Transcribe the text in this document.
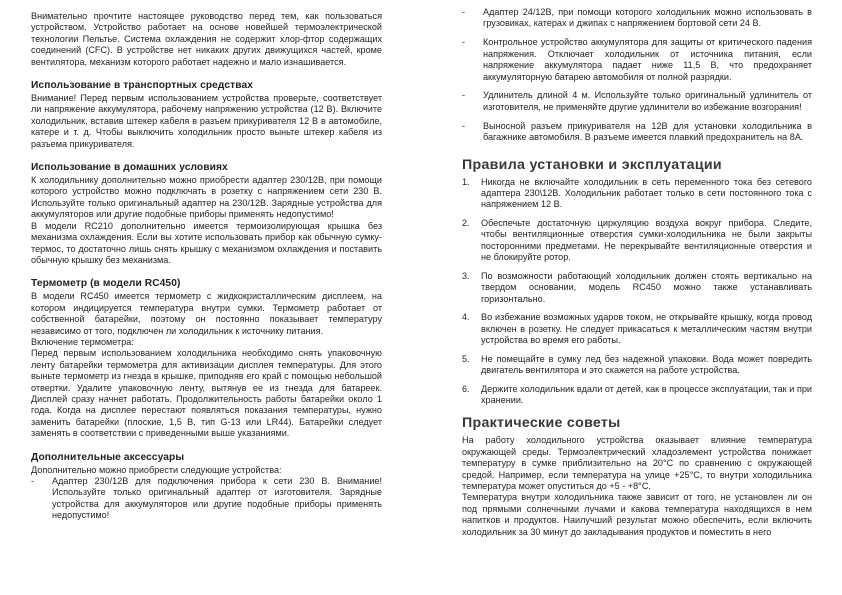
Внимательно прочтите настоящее руководство перед тем, как пользоваться устройством. Устройство работает на основе новейшей термоэлектрической технологии Пельтье. Система охлаждения не содержит хлор-фтор содержащих соединений (CFC). В устройстве нет никаких других движущихся частей, кроме вентилятора, механизм которого работает надежно и мало изнашивается.

Использование в транспортных средствах

Внимание! Перед первым использованием устройства проверьте, соответствует ли напряжение аккумулятора, рабочему напряжению устройства (12 В). Включите холодильник, вставив штекер кабеля в разъем прикуривателя 12 В в автомобиле, катере и т. д. Чтобы выключить холодильник просто выньте штекер кабеля из разъема прикуривателя.

Использование в домашних условиях

К холодильнику дополнительно можно приобрести адаптер 230/12В, при помощи которого устройство можно подключать в розетку с напряжением сети 230 В. Используйте только оригинальный адаптер на 230/12В. Зарядные устройства для аккумуляторов или другие подобные приборы применять недопустимо!

В модели RC210 дополнительно имеется термоизолирующая крышка без механизма охлаждения. Если вы хотите использовать прибор как обычную сумку-термос, то достаточно лишь снять крышку с механизмом охлаждения и поставить обычную крышку без механизма.

Термометр (в модели RC450)

В модели RC450 имеется термометр с жидкокристаллическим дисплеем, на котором индицируется температура внутри сумки. Термометр работает от собственной батарейки, поэтому он постоянно показывает температуру независимо от того, подключен ли холодильник к источнику питания.

Включение термометра:

Перед первым использованием холодильника необходимо снять упаковочную ленту батарейки термометра для активизации дисплея температуры. Для этого выньте термометр из гнезда в крышке, приподняв его край с помощью небольшой отвертки. Удалите упаковочную ленту, вытянув ее из гнезда для батареек. Дисплей сразу начнет работать. Продолжительность работы батарейки около 1 года. Когда на дисплее перестают появляться показания температуры, нужно заменить батарейки (плоские, 1,5 В, тип G-13 или LR44). Батарейки следует заменять в соответствии с приведенными выше указаниями.

Дополнительные аксессуары

Дополнительно можно приобрести следующие устройства:

- Адаптер 230/12В для подключения прибора к сети 230 В. Внимание! Используйте только оригинальный адаптер от изготовителя. Зарядные устройства для аккумуляторов или другие подобные приборы применять недопустимо!

- Адаптер 24/12В, при помощи которого холодильник можно использовать в грузовиках, катерах и джипах с напряжением бортовой сети 24 В.

- Контрольное устройство аккумулятора для защиты от критического падения напряжения. Отключает холодильник от источника питания, если напряжение аккумулятора падает ниже 11,5 В, что предохраняет аккумуляторную батарею автомобиля от полной разрядки.

- Удлинитель длиной 4 м. Используйте только оригинальный удлинитель от изготовителя, не применяйте другие удлинители во избежание возгорания!

- Выносной разъем прикуривателя на 12В для установки холодильника в багажнике автомобиля. В разъеме имеется плавкий предохранитель на 8А.

Правила установки и эксплуатации
1. Никогда не включайте холодильник в сеть переменного тока без сетевого адаптера 230\12В. Холодильник работает только в сети постоянного тока с напряжением 12 В.

2. Обеспечьте достаточную циркуляцию воздуха вокруг прибора. Следите, чтобы вентиляционные отверстия сумки-холодильника не были закрыты посторонними предметами. Не перекрывайте вентиляционные отверстия и не блокируйте ротор.

3. По возможности работающий холодильник должен стоять вертикально на твердом основании, модель RC450 можно также устанавливать горизонтально.

4. Во избежание возможных ударов током, не открывайте крышку, когда провод включен в розетку. Не следует прикасаться к металлическим частям внутри устройства во время его работы.

5. Не помещайте в сумку лед без надежной упаковки. Вода может повредить двигатель вентилятора и это скажется на работе устройства.

6. Держите холодильник вдали от детей, как в процессе эксплуатации, так и при хранении.

Практические советы

На работу холодильного устройства оказывает влияние температура окружающей среды. Термоэлектрический хладоэлемент устройства понижает температуру в сумке приблизительно на 20°С по сравнению с окружающей средой. Например, если температура на улице +25°С, то внутри холодильника температура может опуститься до +5 - +8°С.

Температура внутри холодильника также зависит от того, не установлен ли он под прямыми солнечными лучами и какова температура находящихся в нем напитков и продуктов. Наилучший результат можно обеспечить, если включить холодильник за 30 минут до закладывания продуктов и поместить в него
